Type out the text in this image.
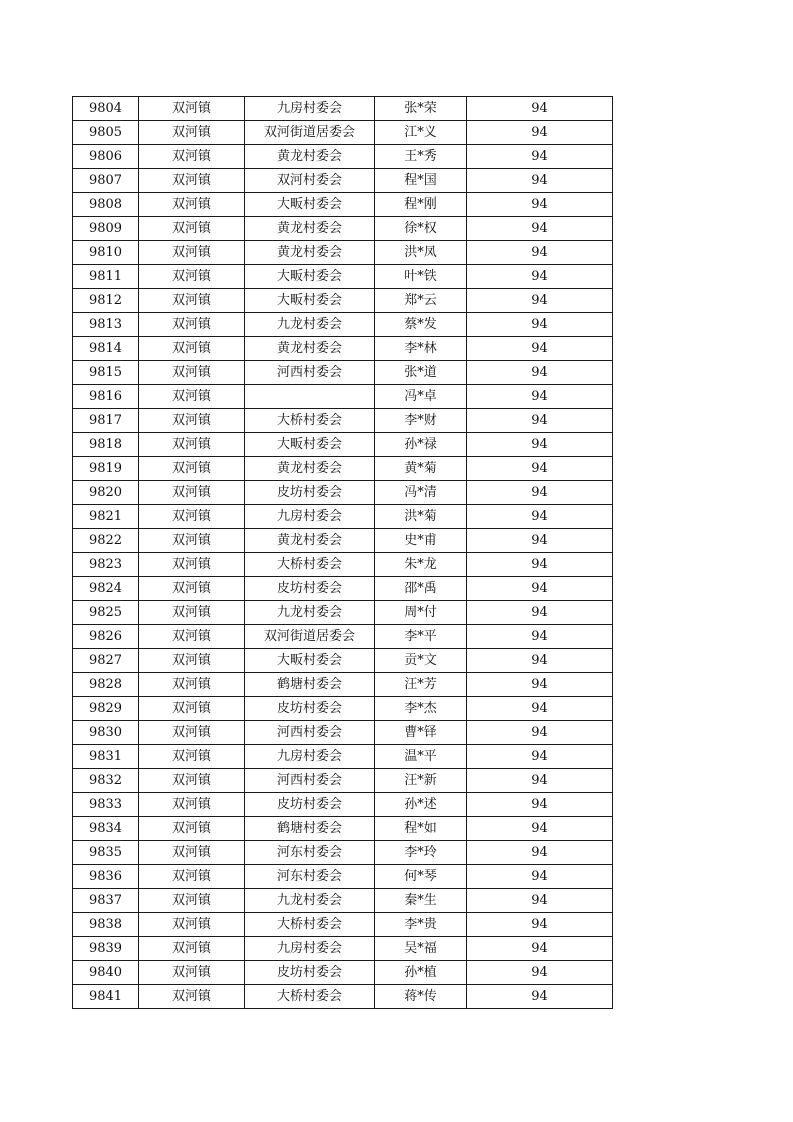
9804	双河镇	九房村委会	张*荣	94
9805	双河镇	双河街道居委会	江*义	94
9806	双河镇	黄龙村委会	王*秀	94
9807	双河镇	双河村委会	程*国	94
9808	双河镇	大畈村委会	程*刚	94
9809	双河镇	黄龙村委会	徐*权	94
9810	双河镇	黄龙村委会	洪*凤	94
9811	双河镇	大畈村委会	叶*铁	94
9812	双河镇	大畈村委会	郑*云	94
9813	双河镇	九龙村委会	蔡*发	94
9814	双河镇	黄龙村委会	李*林	94
9815	双河镇	河西村委会	张*道	94
9816	双河镇		冯*卓	94
9817	双河镇	大桥村委会	李*财	94
9818	双河镇	大畈村委会	孙*禄	94
9819	双河镇	黄龙村委会	黄*菊	94
9820	双河镇	皮坊村委会	冯*清	94
9821	双河镇	九房村委会	洪*菊	94
9822	双河镇	黄龙村委会	史*甫	94
9823	双河镇	大桥村委会	朱*龙	94
9824	双河镇	皮坊村委会	邵*禹	94
9825	双河镇	九龙村委会	周*付	94
9826	双河镇	双河街道居委会	李*平	94
9827	双河镇	大畈村委会	贡*文	94
9828	双河镇	鹤塘村委会	汪*芳	94
9829	双河镇	皮坊村委会	李*杰	94
9830	双河镇	河西村委会	曹*铎	94
9831	双河镇	九房村委会	温*平	94
9832	双河镇	河西村委会	汪*新	94
9833	双河镇	皮坊村委会	孙*述	94
9834	双河镇	鹤塘村委会	程*如	94
9835	双河镇	河东村委会	李*玲	94
9836	双河镇	河东村委会	何*琴	94
9837	双河镇	九龙村委会	秦*生	94
9838	双河镇	大桥村委会	李*贵	94
9839	双河镇	九房村委会	吴*福	94
9840	双河镇	皮坊村委会	孙*植	94
9841	双河镇	大桥村委会	蒋*传	94
